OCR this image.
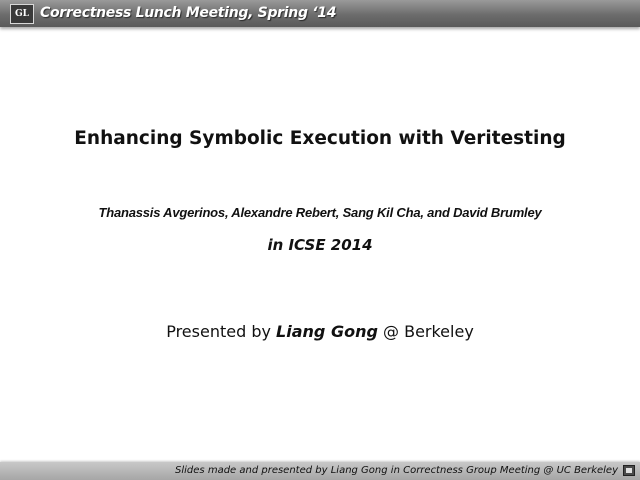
GL Correctness Lunch Meeting, Spring ‘14
Enhancing Symbolic Execution with Veritesting
Thanassis Avgerinos, Alexandre Rebert, Sang Kil Cha, and David Brumley
in ICSE 2014
Presented by Liang Gong @ Berkeley
Slides made and presented by Liang Gong in Correctness Group Meeting @ UC Berkeley
